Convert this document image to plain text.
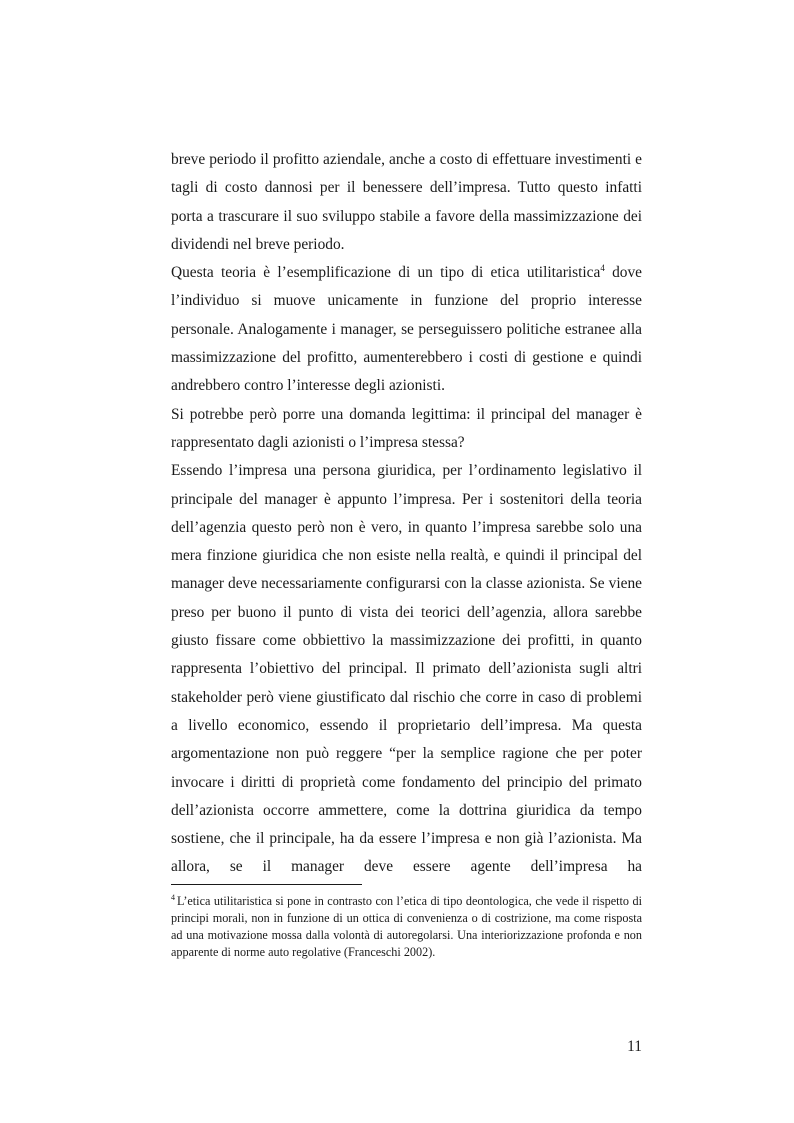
breve periodo il profitto aziendale, anche a costo di effettuare investimenti e tagli di costo dannosi per il benessere dell’impresa. Tutto questo infatti porta a trascurare il suo sviluppo stabile a favore della massimizzazione dei dividendi nel breve periodo.

Questa teoria è l’esemplificazione di un tipo di etica utilitaristica$^4$ dove l’individuo si muove unicamente in funzione del proprio interesse personale. Analogamente i manager, se perseguissero politiche estranee alla massimizzazione del profitto, aumenterebbero i costi di gestione e quindi andrebbero contro l’interesse degli azionisti.

Si potrebbe però porre una domanda legittima: il principal del manager è rappresentato dagli azionisti o l’impresa stessa?

Essendo l’impresa una persona giuridica, per l’ordinamento legislativo il principale del manager è appunto l’impresa. Per i sostenitori della teoria dell’agenzia questo però non è vero, in quanto l’impresa sarebbe solo una mera finzione giuridica che non esiste nella realtà, e quindi il principal del manager deve necessariamente configurarsi con la classe azionista. Se viene preso per buono il punto di vista dei teorici dell’agenzia, allora sarebbe giusto fissare come obbiettivo la massimizzazione dei profitti, in quanto rappresenta l’obiettivo del principal. Il primato dell’azionista sugli altri stakeholder però viene giustificato dal rischio che corre in caso di problemi a livello economico, essendo il proprietario dell’impresa. Ma questa argomentazione non può reggere “per la semplice ragione che per poter invocare i diritti di proprietà come fondamento del principio del primato dell’azionista occorre ammettere, come la dottrina giuridica da tempo sostiene, che il principale, ha da essere l’impresa e non già l’azionista. Ma allora, se il manager deve essere agente dell’impresa ha

$^4$ L’etica utilitaristica si pone in contrasto con l’etica di tipo deontologica, che vede il rispetto di principi morali, non in funzione di un ottica di convenienza o di costrizione, ma come risposta ad una motivazione mossa dalla volontà di autoregolarsi. Una interiorizzazione profonda e non apparente di norme auto regolative (Franceschi 2002).

11
